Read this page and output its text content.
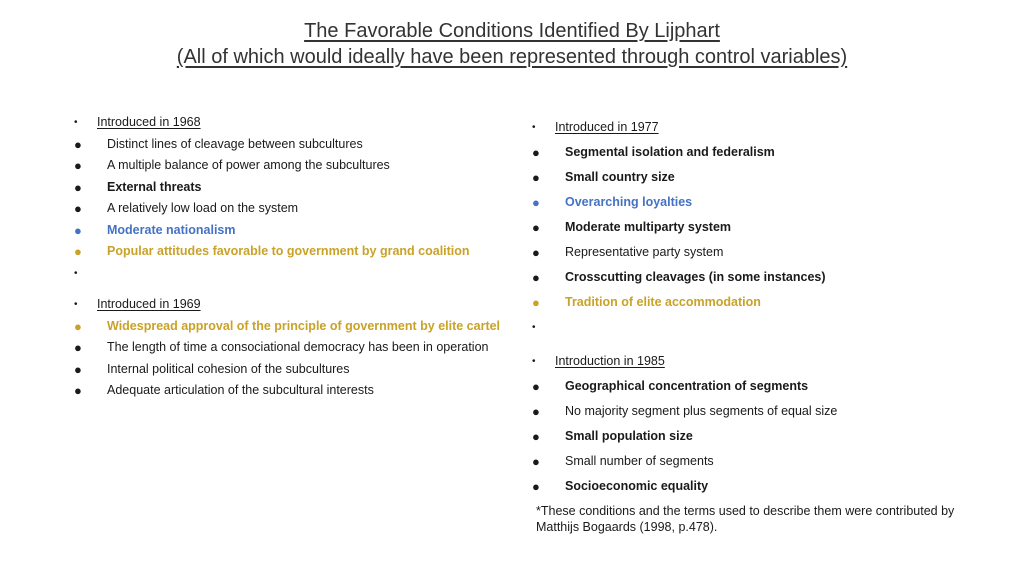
The Favorable Conditions Identified By Lijphart
(All of which would ideally have been represented through control variables)
•	Introduced in 1968
●	Distinct lines of cleavage between subcultures
●	A multiple balance of power among the subcultures
●	External threats
●	A relatively low load on the system
●	Moderate nationalism
●	Popular attitudes favorable to government by grand coalition
•
•	Introduced in 1969
●	Widespread approval of the principle of government by elite cartel
●	The length of time a consociational democracy has been in operation
●	Internal political cohesion of the subcultures
●	Adequate articulation of the subcultural interests
•	Introduced in 1977
●	Segmental isolation and federalism
●	Small country size
●	Overarching loyalties
●	Moderate multiparty system
●	Representative party system
●	Crosscutting cleavages (in some instances)
●	Tradition of elite accommodation
•
•	Introduction in 1985
●	Geographical concentration of segments
●	No majority segment plus segments of equal size
●	Small population size
●	Small number of segments
●	Socioeconomic equality
*These conditions and the terms used to describe them were contributed by Matthijs Bogaards (1998, p.478).
